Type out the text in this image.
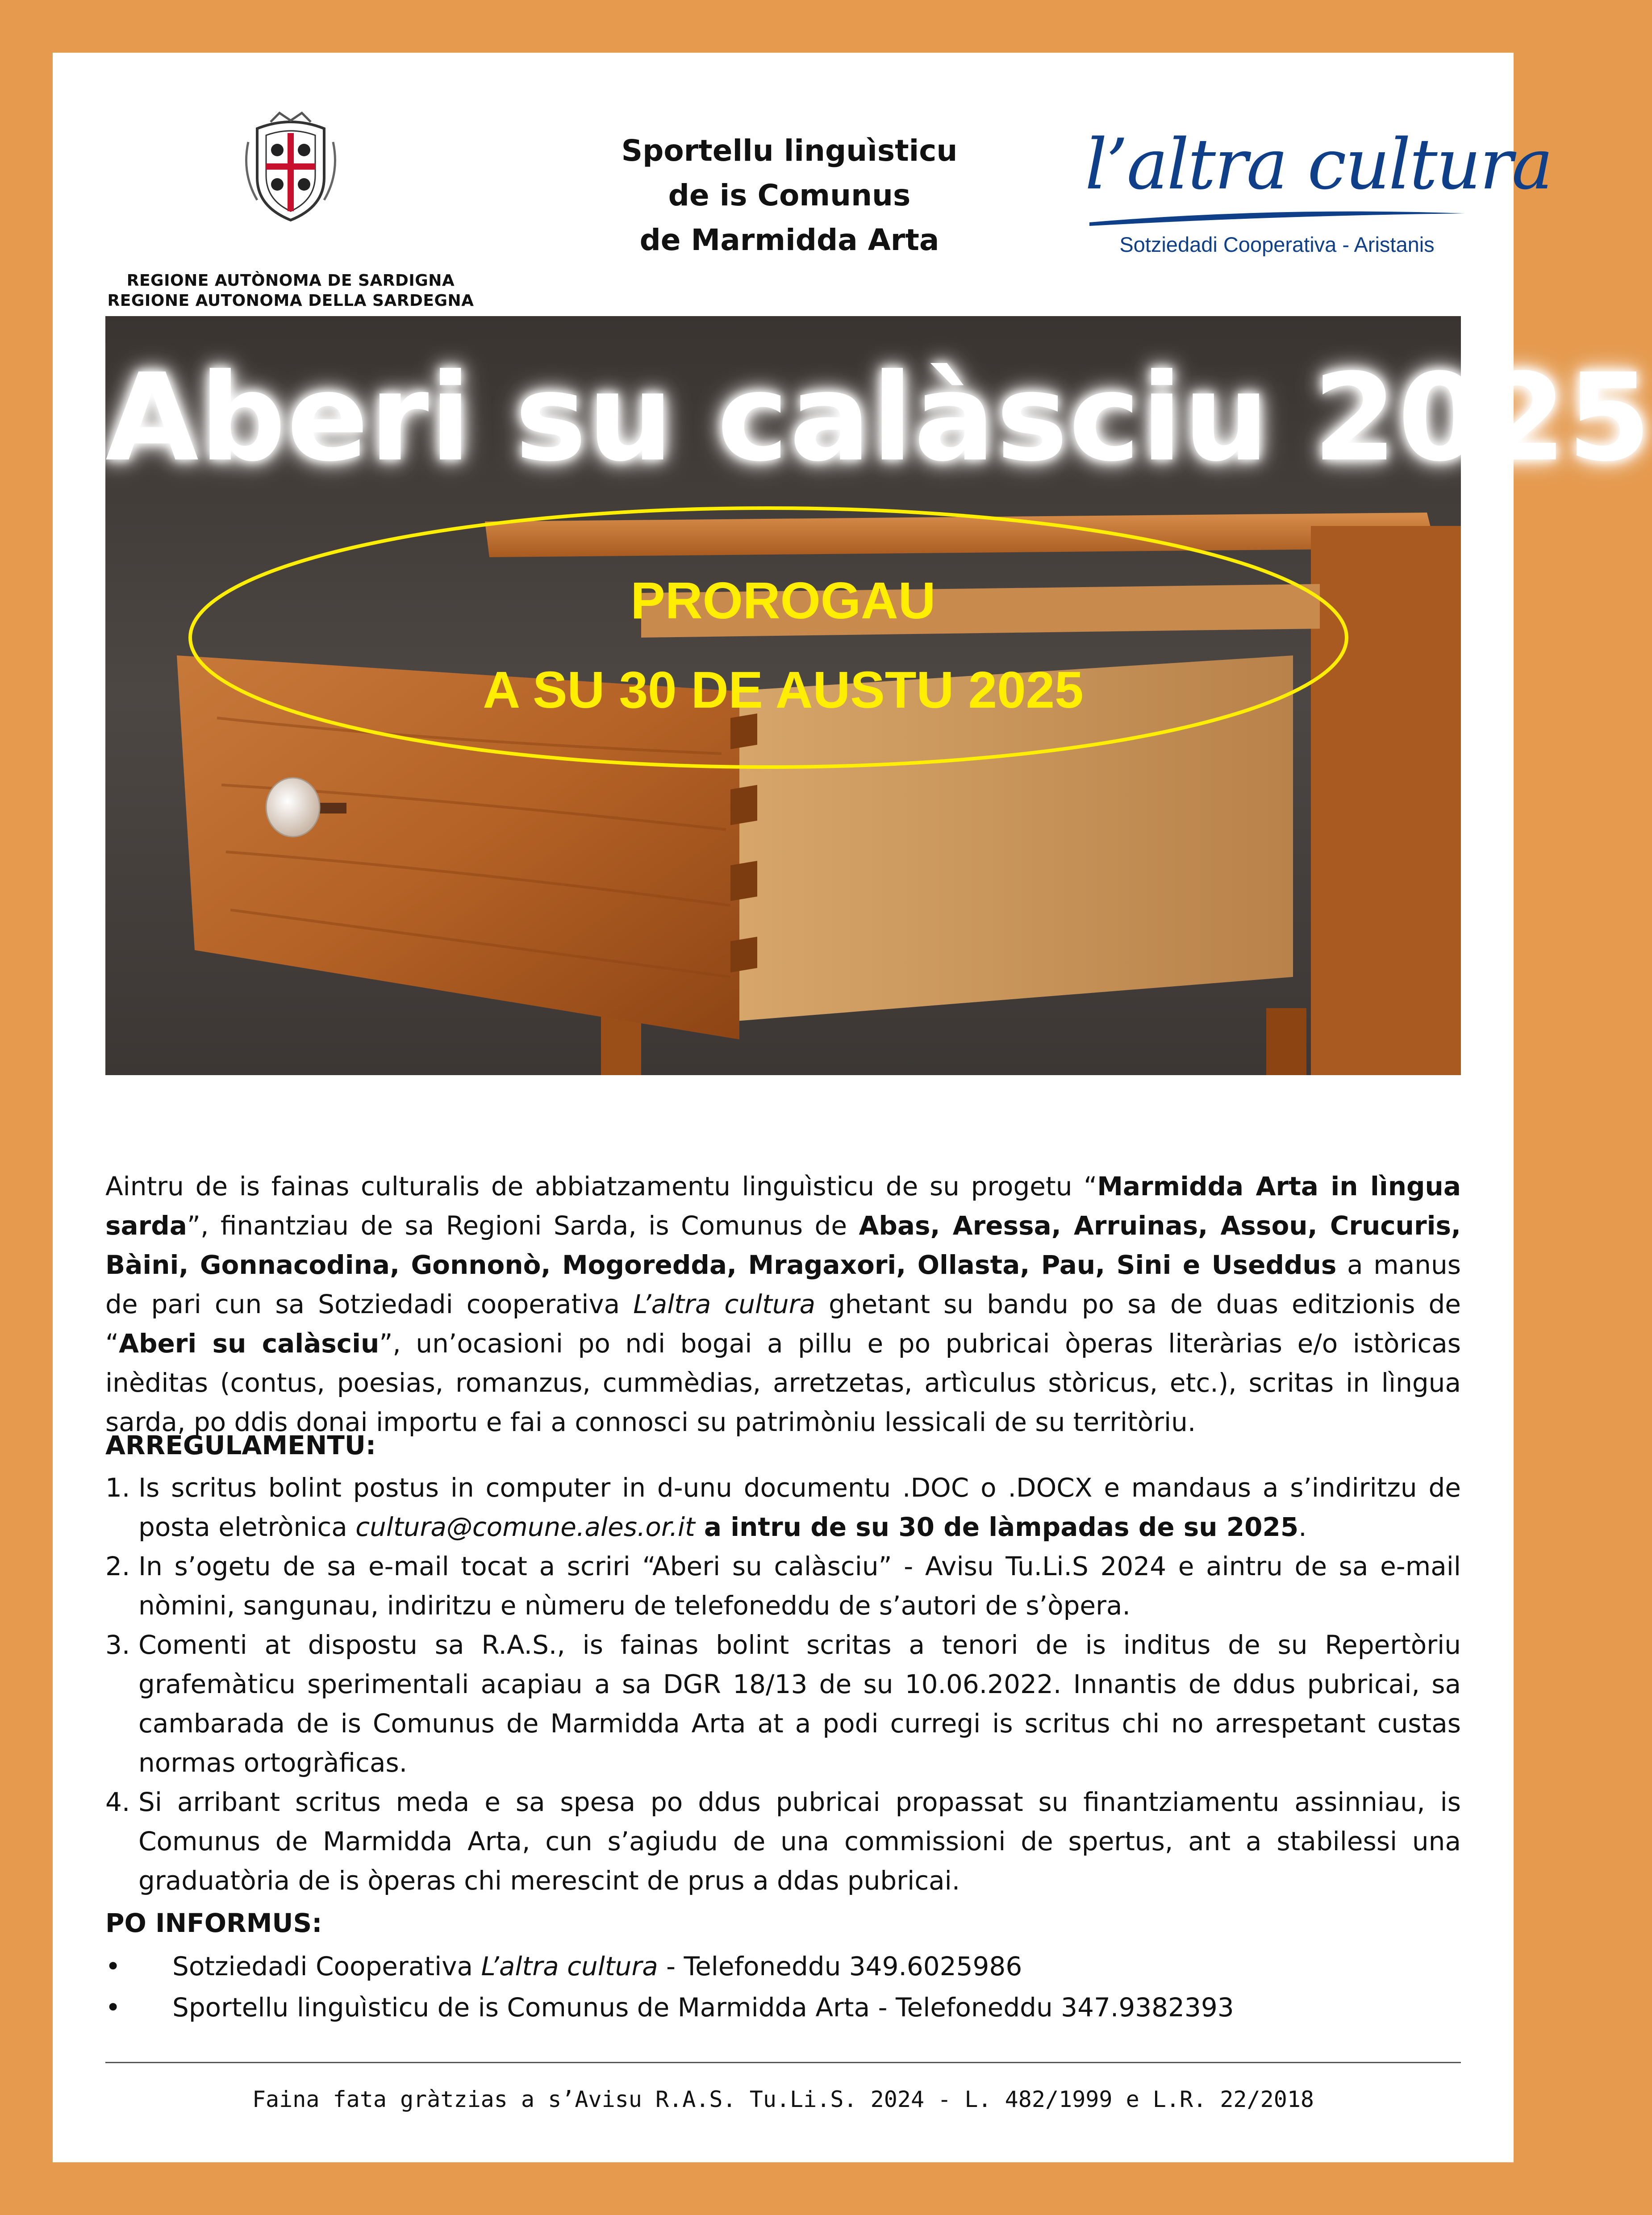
REGIONE AUTÒNOMA DE SARDIGNA
REGIONE AUTONOMA DELLA SARDEGNA
Sportellu linguìsticu
de is Comunus
de Marmidda Arta
l’altra cultura
Sotziedadi Cooperativa - Aristanis
Aberi su calàsciu 2025
PROROGAU
A SU 30 DE AUSTU 2025
Aintru de is fainas culturalis de abbiatzamentu linguìsticu de su progetu “Marmidda Arta in lìngua sarda”, finantziau de sa Regioni Sarda, is Comunus de Abas, Aressa, Arruinas, Assou, Crucuris, Bàini, Gonnacodina, Gonnonò, Mogoredda, Mragaxori, Ollasta, Pau, Sini e Useddus a manus de pari cun sa Sotziedadi cooperativa L’altra cultura ghetant su bandu po sa de duas editzionis de “Aberi su calàsciu”, un’ocasioni po ndi bogai a pillu e po pubricai òperas literàrias e/o istòricas inèditas (contus, poesias, romanzus, cummèdias, arretzetas, artìculus stòricus, etc.), scritas in lìngua sarda, po ddis donai importu e fai a connosci su patrimòniu lessicali de su territòriu.
ARREGULAMENTU:
1. Is scritus bolint postus in computer in d-unu documentu .DOC o .DOCX e mandaus a s’indiritzu de posta eletrònica cultura@comune.ales.or.it a intru de su 30 de làmpadas de su 2025.
2. In s’ogetu de sa e-mail tocat a scriri “Aberi su calàsciu” - Avisu Tu.Li.S 2024 e aintru de sa e-mail nòmini, sangunau, indiritzu e nùmeru de telefoneddu de s’autori de s’òpera.
3. Comenti at dispostu sa R.A.S., is fainas bolint scritas a tenori de is inditus de su Repertòriu grafemàticu sperimentali acapiau a sa DGR 18/13 de su 10.06.2022. Innantis de ddus pubricai, sa cambarada de is Comunus de Marmidda Arta at a podi curregi is scritus chi no arrespetant custas normas ortogràficas.
4. Si arribant scritus meda e sa spesa po ddus pubricai propassat su finantziamentu assinniau, is Comunus de Marmidda Arta, cun s’agiudu de una commissioni de spertus, ant a stabilessi una graduatòria de is òperas chi merescint de prus a ddas pubricai.
PO INFORMUS:
• Sotziedadi Cooperativa L’altra cultura - Telefoneddu 349.6025986
• Sportellu linguìsticu de is Comunus de Marmidda Arta - Telefoneddu 347.9382393
Faina fata gràtzias a s’Avisu R.A.S. Tu.Li.S. 2024 - L. 482/1999 e L.R. 22/2018
